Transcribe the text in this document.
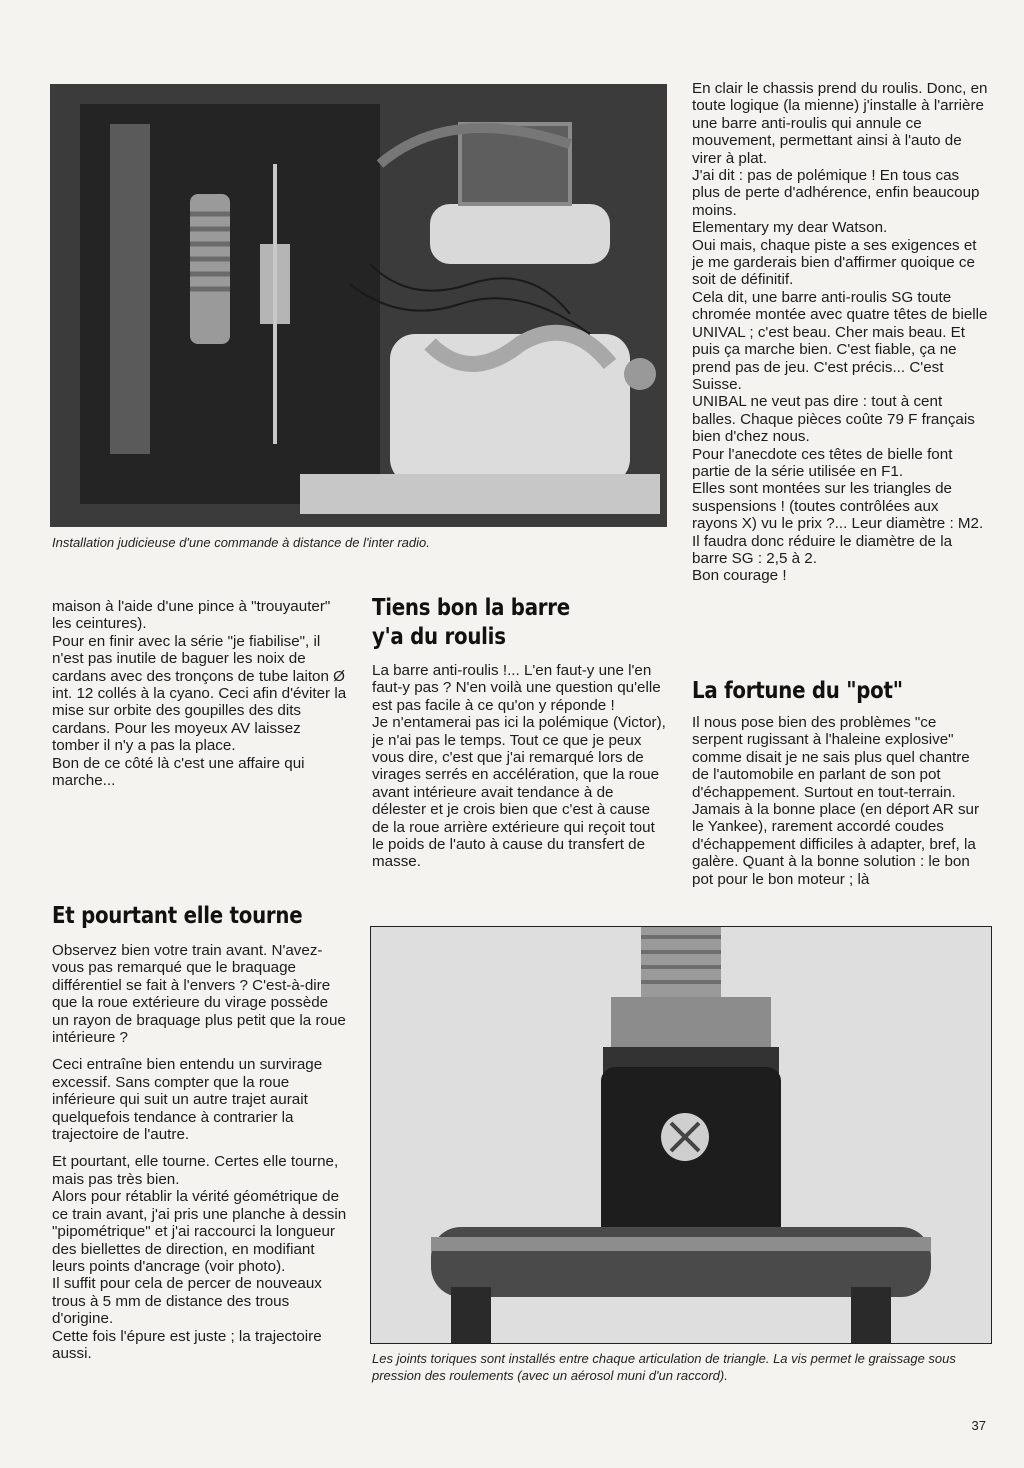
Installation judicieuse d'une commande à distance de l'inter radio.

maison à l'aide d'une pince à "trouyauter" les ceintures).

Pour en finir avec la série "je fiabilise", il n'est pas inutile de baguer les noix de cardans avec des tronçons de tube laiton Ø int. 12 collés à la cyano. Ceci afin d'éviter la mise sur orbite des goupilles des dits cardans. Pour les moyeux AV laissez tomber il n'y a pas la place.

Bon de ce côté là c'est une affaire qui marche...

Et pourtant elle tourne

Observez bien votre train avant. N'avez-vous pas remarqué que le braquage différentiel se fait à l'envers ? C'est-à-dire que la roue extérieure du virage possède un rayon de braquage plus petit que la roue intérieure ?

Ceci entraîne bien entendu un survirage excessif. Sans compter que la roue inférieure qui suit un autre trajet aurait quelquefois tendance à contrarier la trajectoire de l'autre.

Et pourtant, elle tourne. Certes elle tourne, mais pas très bien.

Alors pour rétablir la vérité géométrique de ce train avant, j'ai pris une planche à dessin "pipométrique" et j'ai raccourci la longueur des biellettes de direction, en modifiant leurs points d'ancrage (voir photo).

Il suffit pour cela de percer de nouveaux trous à 5 mm de distance des trous d'origine.

Cette fois l'épure est juste ; la trajectoire aussi.

Tiens bon la barre
y'a du roulis

La barre anti-roulis !... L'en faut-y une l'en faut-y pas ? N'en voilà une question qu'elle est pas facile à ce qu'on y réponde !

Je n'entamerai pas ici la polémique (Victor), je n'ai pas le temps. Tout ce que je peux vous dire, c'est que j'ai remarqué lors de virages serrés en accélération, que la roue avant intérieure avait tendance à de délester et je crois bien que c'est à cause de la roue arrière extérieure qui reçoit tout le poids de l'auto à cause du transfert de masse.

En clair le chassis prend du roulis. Donc, en toute logique (la mienne) j'installe à l'arrière une barre anti-roulis qui annule ce mouvement, permettant ainsi à l'auto de virer à plat.

J'ai dit : pas de polémique ! En tous cas plus de perte d'adhérence, enfin beaucoup moins.

Elementary my dear Watson.

Oui mais, chaque piste a ses exigences et je me garderais bien d'affirmer quoique ce soit de définitif.

Cela dit, une barre anti-roulis SG toute chromée montée avec quatre têtes de bielle UNIVAL ; c'est beau. Cher mais beau. Et puis ça marche bien. C'est fiable, ça ne prend pas de jeu. C'est précis... C'est Suisse.

UNIBAL ne veut pas dire : tout à cent balles. Chaque pièces coûte 79 F français bien d'chez nous.

Pour l'anecdote ces têtes de bielle font partie de la série utilisée en F1.

Elles sont montées sur les triangles de suspensions ! (toutes contrôlées aux rayons X) vu le prix ?... Leur diamètre : M2. Il faudra donc réduire le diamètre de la barre SG : 2,5 à 2.

Bon courage !

La fortune du "pot"

Il nous pose bien des problèmes "ce serpent rugissant à l'haleine explosive" comme disait je ne sais plus quel chantre de l'automobile en parlant de son pot d'échappement. Surtout en tout-terrain. Jamais à la bonne place (en déport AR sur le Yankee), rarement accordé coudes d'échappement difficiles à adapter, bref, la galère. Quant à la bonne solution : le bon pot pour le bon moteur ; là

Les joints toriques sont installés entre chaque articulation de triangle. La vis permet le graissage sous pression des roulements (avec un aérosol muni d'un raccord).
37
